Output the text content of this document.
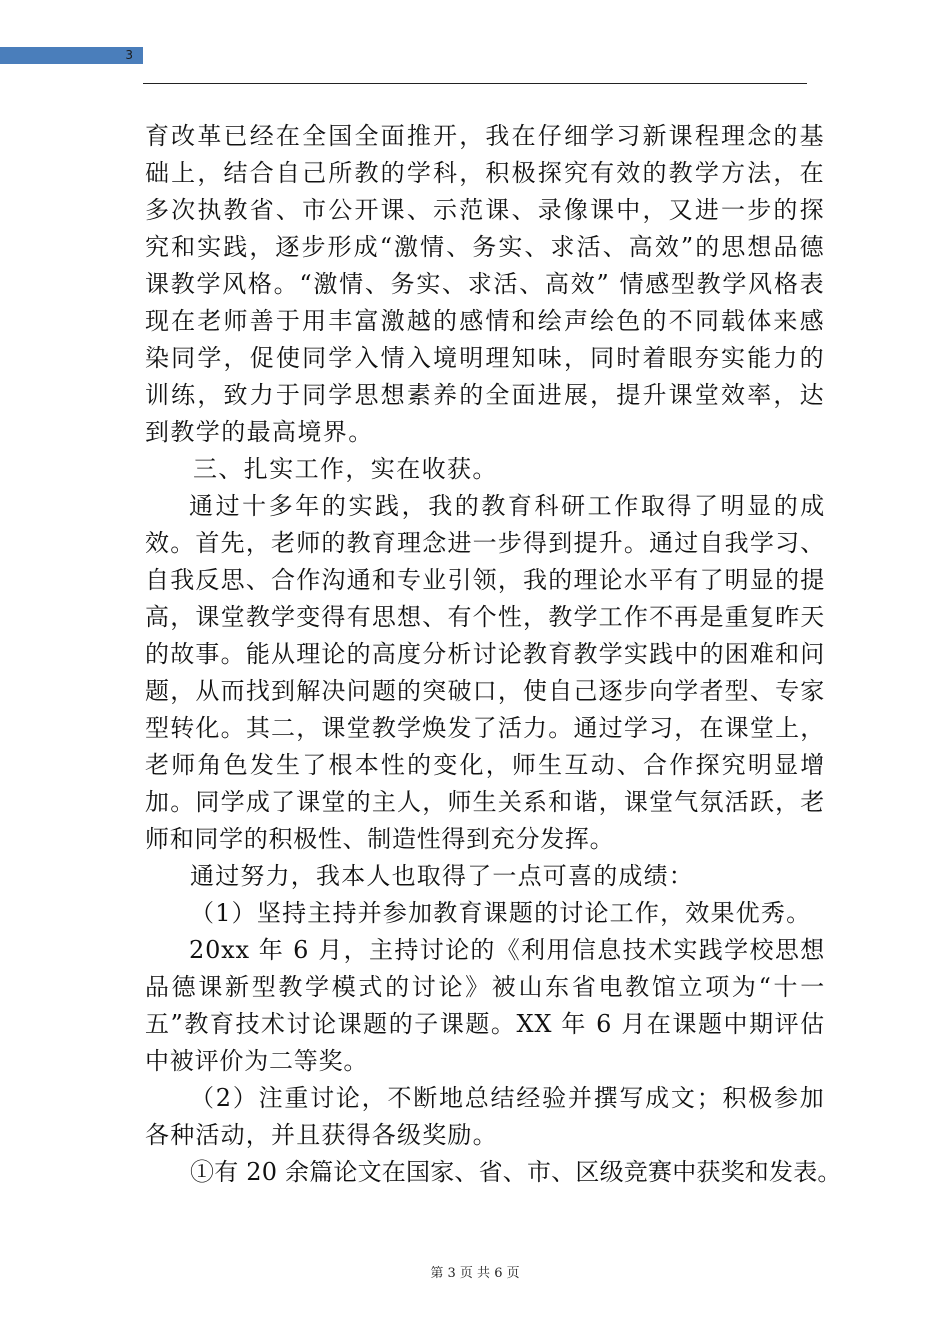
3

育改革已经在全国全面推开，我在仔细学习新课程理念的基础上，结合自己所教的学科，积极探究有效的教学方法，在多次执教省、市公开课、示范课、录像课中，又进一步的探究和实践，逐步形成“激情、务实、求活、高效”的思想品德课教学风格。“激情、务实、求活、高效” 情感型教学风格表现在老师善于用丰富激越的感情和绘声绘色的不同载体来感染同学，促使同学入情入境明理知味，同时着眼夯实能力的训练，致力于同学思想素养的全面进展，提升课堂效率，达到教学的最高境界。

三、扎实工作，实在收获。

通过十多年的实践，我的教育科研工作取得了明显的成效。首先，老师的教育理念进一步得到提升。通过自我学习、自我反思、合作沟通和专业引领，我的理论水平有了明显的提高，课堂教学变得有思想、有个性，教学工作不再是重复昨天的故事。能从理论的高度分析讨论教育教学实践中的困难和问题，从而找到解决问题的突破口，使自己逐步向学者型、专家型转化。其二，课堂教学焕发了活力。通过学习，在课堂上，老师角色发生了根本性的变化，师生互动、合作探究明显增加。同学成了课堂的主人，师生关系和谐，课堂气氛活跃，老师和同学的积极性、制造性得到充分发挥。

通过努力，我本人也取得了一点可喜的成绩：

（1）坚持主持并参加教育课题的讨论工作，效果优秀。

20xx 年 6 月，主持讨论的《利用信息技术实践学校思想品德课新型教学模式的讨论》被山东省电教馆立项为“十一五”教育技术讨论课题的子课题。XX 年 6 月在课题中期评估中被评价为二等奖。

（2）注重讨论，不断地总结经验并撰写成文；积极参加各种活动，并且获得各级奖励。

①有 20 余篇论文在国家、省、市、区级竞赛中获奖和发表。

第 3 页 共 6 页
